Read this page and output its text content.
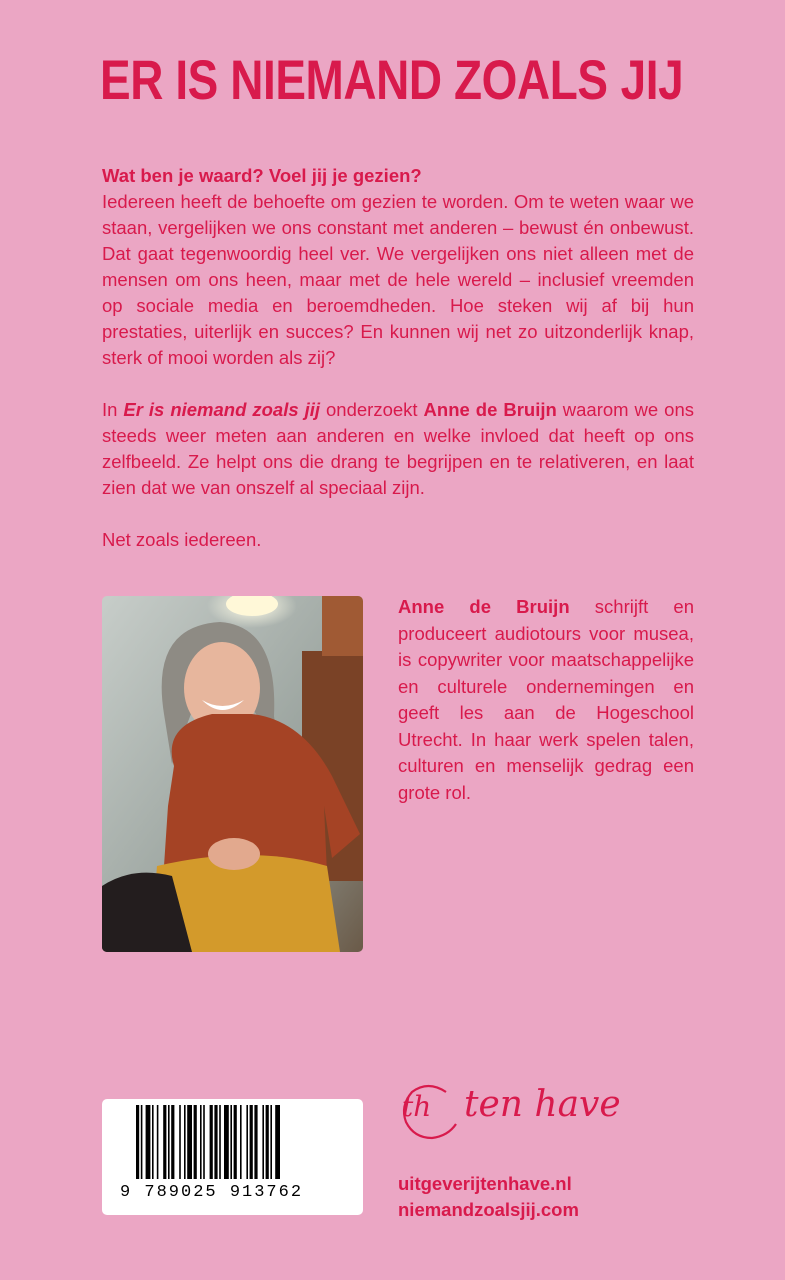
ER IS NIEMAND ZOALS JIJ

Wat ben je waard? Voel jij je gezien?
Iedereen heeft de behoefte om gezien te worden. Om te weten waar we staan, vergelijken we ons constant met anderen – bewust én onbewust. Dat gaat tegenwoordig heel ver. We vergelijken ons niet alleen met de mensen om ons heen, maar met de hele wereld – inclusief vreemden op sociale media en beroemdheden. Hoe steken wij af bij hun prestaties, uiterlijk en succes? En kunnen wij net zo uitzonderlijk knap, sterk of mooi worden als zij?

In Er is niemand zoals jij onderzoekt Anne de Bruijn waarom we ons steeds weer meten aan anderen en welke invloed dat heeft op ons zelfbeeld. Ze helpt ons die drang te begrijpen en te relativeren, en laat zien dat we van onszelf al speciaal zijn.

Net zoals iedereen.

Anne de Bruijn schrijft en produceert audiotours voor musea, is copywriter voor maatschappelijke en culturele ondernemingen en geeft les aan de Hogeschool Utrecht. In haar werk spelen talen, culturen en menselijk gedrag een grote rol.
9 789025 913762
th ten have
uitgeverijtenhave.nl
niemandzoalsjij.com
